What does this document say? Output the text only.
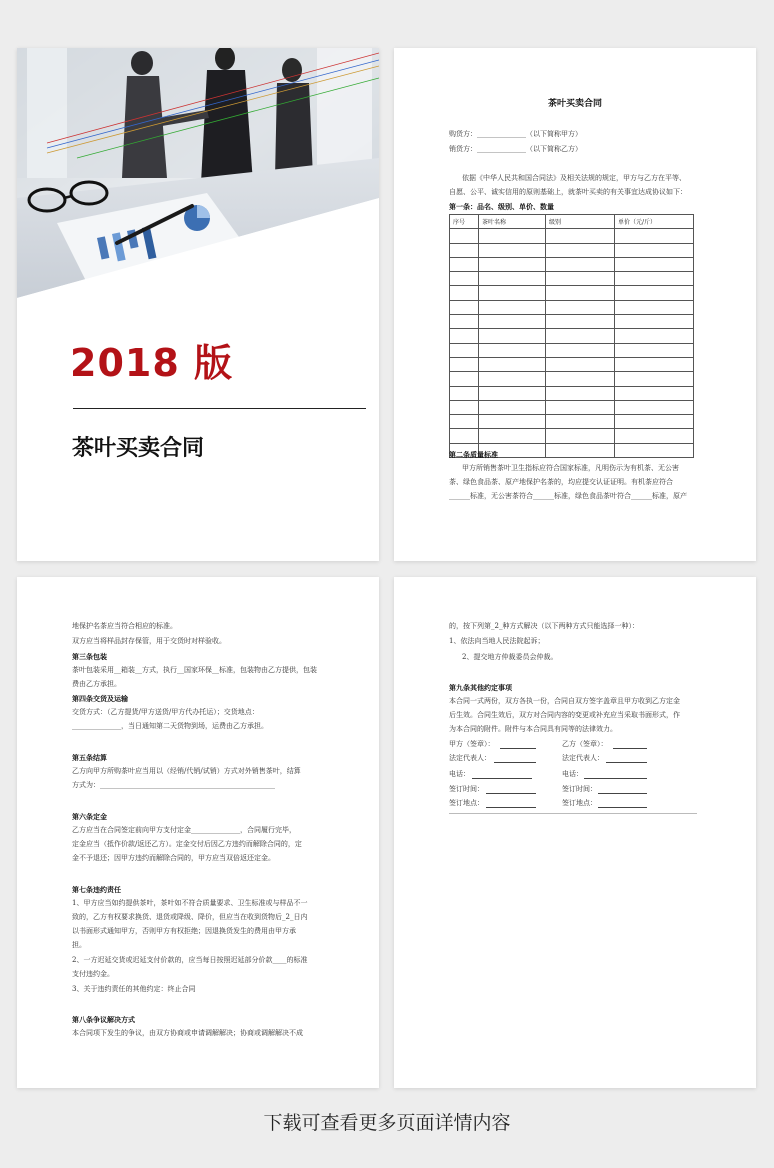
2018 版
茶叶买卖合同
茶叶买卖合同
购货方：______________（以下简称甲方）
销货方：______________（以下简称乙方）
依据《中华人民共和国合同法》及相关法规的规定，甲方与乙方在平等、
自愿、公平、诚实信用的原则基础上，就茶叶买卖的有关事宜达成协议如下：
第一条：品名、级别、单价、数量
序号	茶叶名称	级别	单价（元/斤）

第二条质量标准
甲方所销售茶叶卫生指标应符合国家标准，凡明伤示为有机茶、无公害
茶、绿色食品茶、原产地保护名茶的，均应提交认证证明。有机茶应符合
______标准，无公害茶符合______标准，绿色食品茶叶符合______标准，原产
地保护名茶应当符合相应的标准。
双方应当将样品封存保管，用于交货时对样验收。
第三条包装
茶叶包装采用__箱装__方式，执行__国家环保__标准，包装物由乙方提供，包装
费由乙方承担。
第四条交货及运输
交货方式：（乙方提货/甲方送货/甲方代办托运）；交货地点：
______________，当日通知第二天货物到场，运费由乙方承担。
第五条结算
乙方向甲方所购茶叶应当用以（经销/代销/试销）方式对外销售茶叶，结算
方式为：__________________________________________________
第六条定金
乙方应当在合同签定前向甲方支付定金______________，合同履行完毕，
定金应当（抵作价款/返还乙方）。定金交付后因乙方违约而解除合同的，定
金不予退还；因甲方违约而解除合同的，甲方应当双倍返还定金。
第七条违约责任
1、甲方应当如约提供茶叶，茶叶如不符合质量要求、卫生标准或与样品不一
致的，乙方有权要求换货、退货或降级、降价，但应当在收到货物后_2_日内
以书面形式通知甲方，否则甲方有权拒绝；因退换货发生的费用由甲方承
担。
2、一方迟延交货或迟延支付价款的，应当每日按照迟延部分价款____的标准
支付违约金。
3、关于违约责任的其他约定：终止合同
第八条争议解决方式
本合同项下发生的争议，由双方协商或申请调解解决；协商或调解解决不成
的，按下列第_2_种方式解决（以下两种方式只能选择一种）：
1、依法向当地人民法院起诉；
2、提交地方仲裁委员会仲裁。
第九条其他约定事项
本合同一式两份，双方各执一份，合同自双方签字盖章且甲方收到乙方定金
后生效。合同生效后，双方对合同内容的变更或补充应当采取书面形式，作
为本合同的附件。附件与本合同具有同等的法律效力。
甲方（签章）：	乙方（签章）：
法定代表人：	法定代表人：
电话：	电话：
签订时间：	签订时间：
签订地点：	签订地点：
下载可查看更多页面详情内容
